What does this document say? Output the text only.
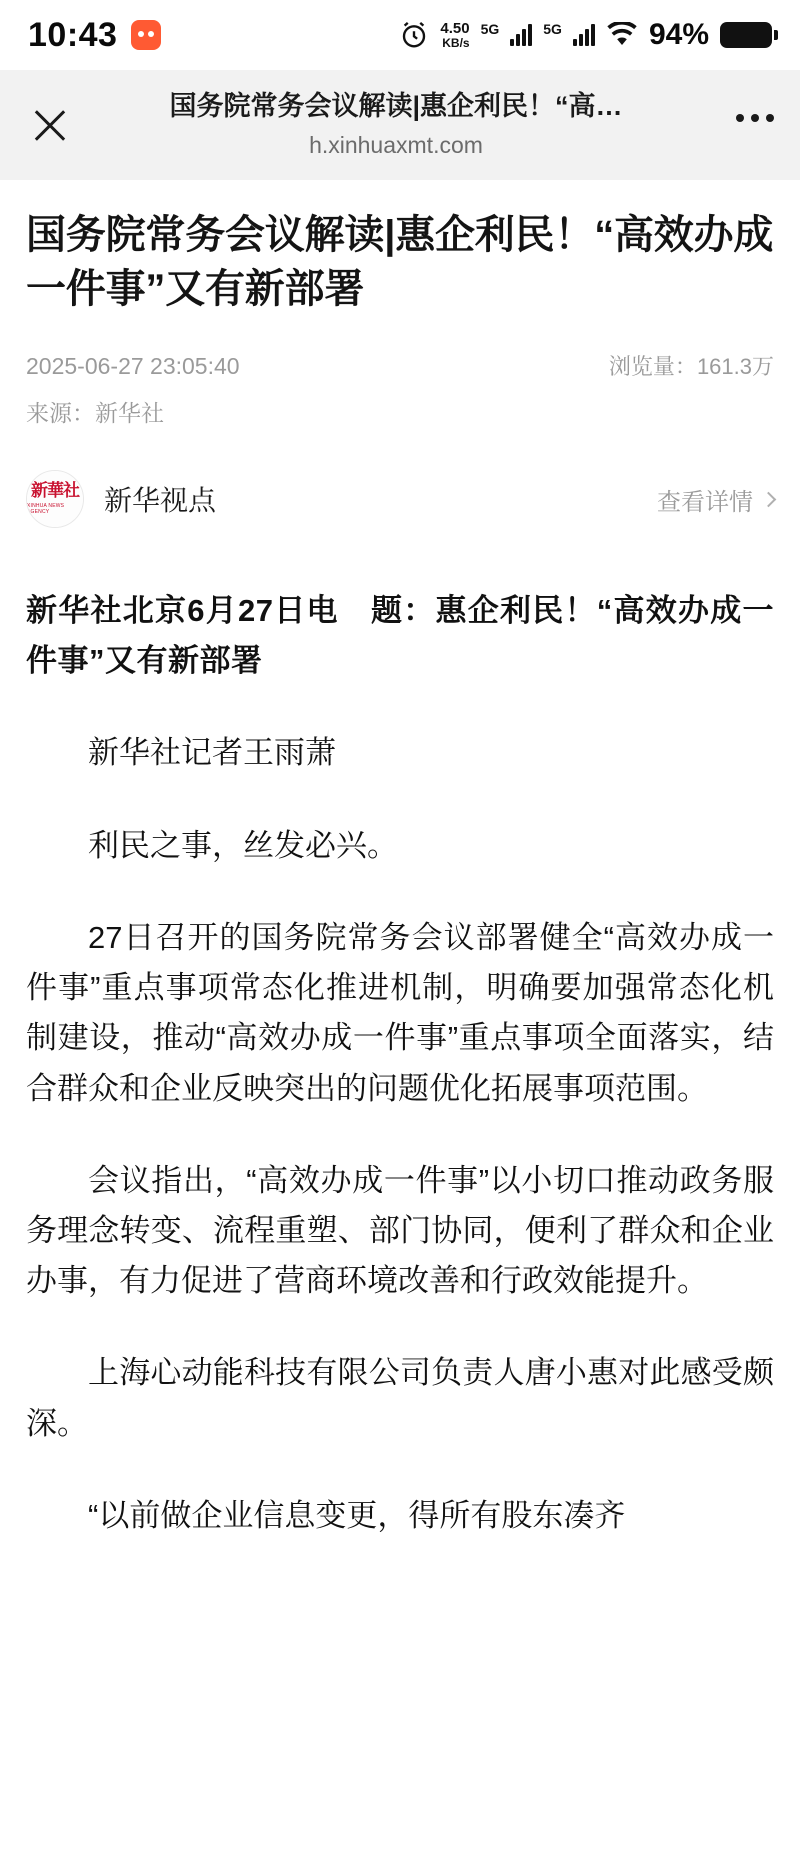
10:43	4.50
KB/s
5G	5G	94%
国务院常务会议解读|惠企利民！“高…
h.xinhuaxmt.com
国务院常务会议解读|惠企利民！“高效办成一件事”又有新部署
2025-06-27 23:05:40	浏览量：161.3万
来源：新华社
新華社
XINHUA NEWS AGENCY	新华视点	查看详情

新华社北京6月27日电　题：惠企利民！“高效办成一件事”又有新部署

新华社记者王雨萧

利民之事，丝发必兴。

27日召开的国务院常务会议部署健全“高效办成一件事”重点事项常态化推进机制，明确要加强常态化机制建设，推动“高效办成一件事”重点事项全面落实，结合群众和企业反映突出的问题优化拓展事项范围。

会议指出，“高效办成一件事”以小切口推动政务服务理念转变、流程重塑、部门协同，便利了群众和企业办事，有力促进了营商环境改善和行政效能提升。

上海心动能科技有限公司负责人唐小惠对此感受颇深。

“以前做企业信息变更，得所有股东凑齐
